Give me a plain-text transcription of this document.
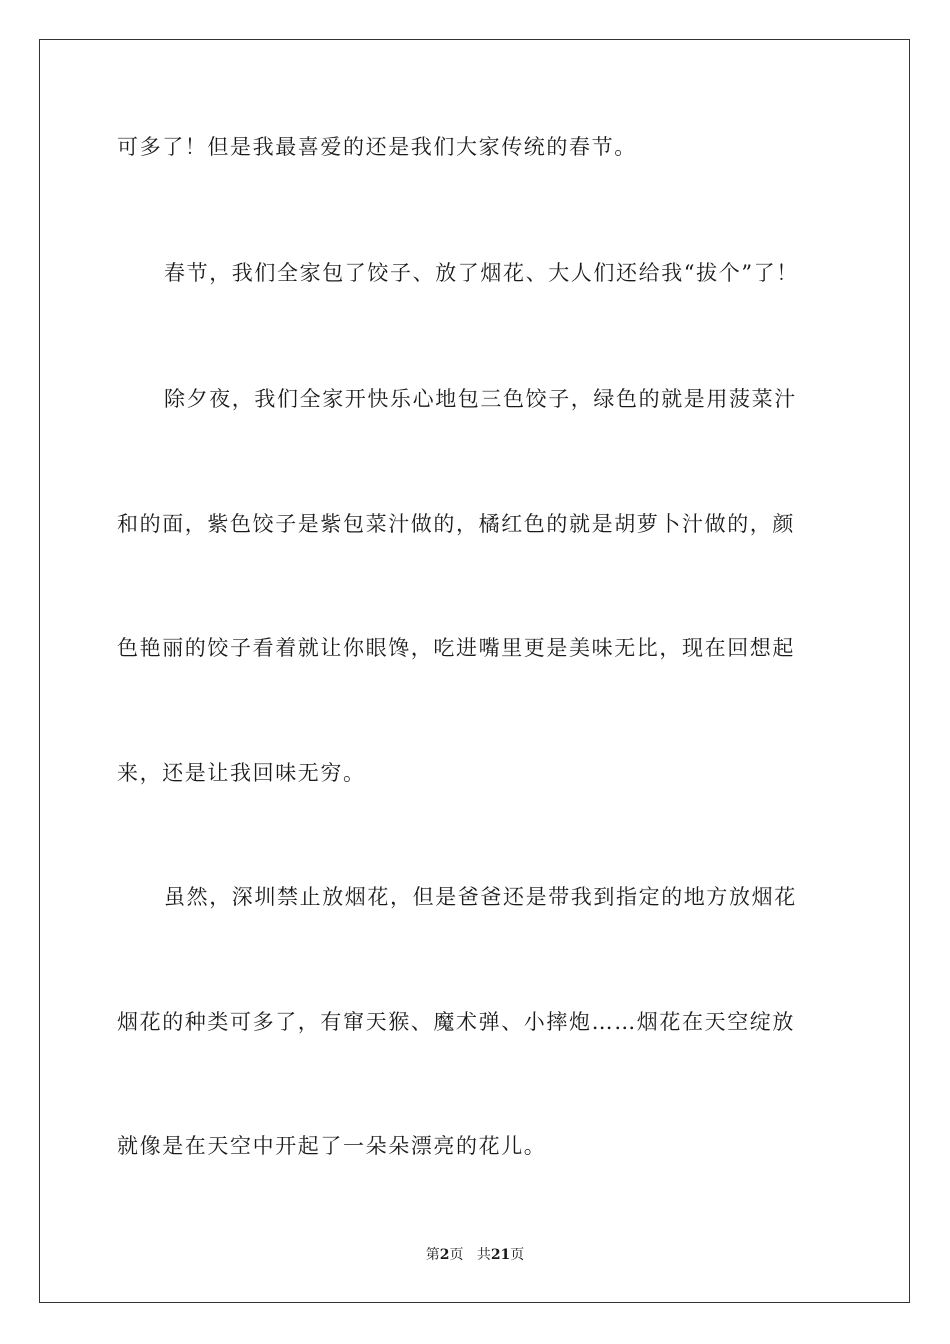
可多了！但是我最喜爱的还是我们大家传统的春节。
春节，我们全家包了饺子、放了烟花、大人们还给我“拔个”了！
除夕夜，我们全家开快乐心地包三色饺子，绿色的就是用菠菜汁
和的面，紫色饺子是紫包菜汁做的，橘红色的就是胡萝卜汁做的，颜
色艳丽的饺子看着就让你眼馋，吃进嘴里更是美味无比，现在回想起
来，还是让我回味无穷。
虽然，深圳禁止放烟花，但是爸爸还是带我到指定的地方放烟花
烟花的种类可多了，有窜天猴、魔术弹、小摔炮……烟花在天空绽放
就像是在天空中开起了一朵朵漂亮的花儿。
第2页 共21页
